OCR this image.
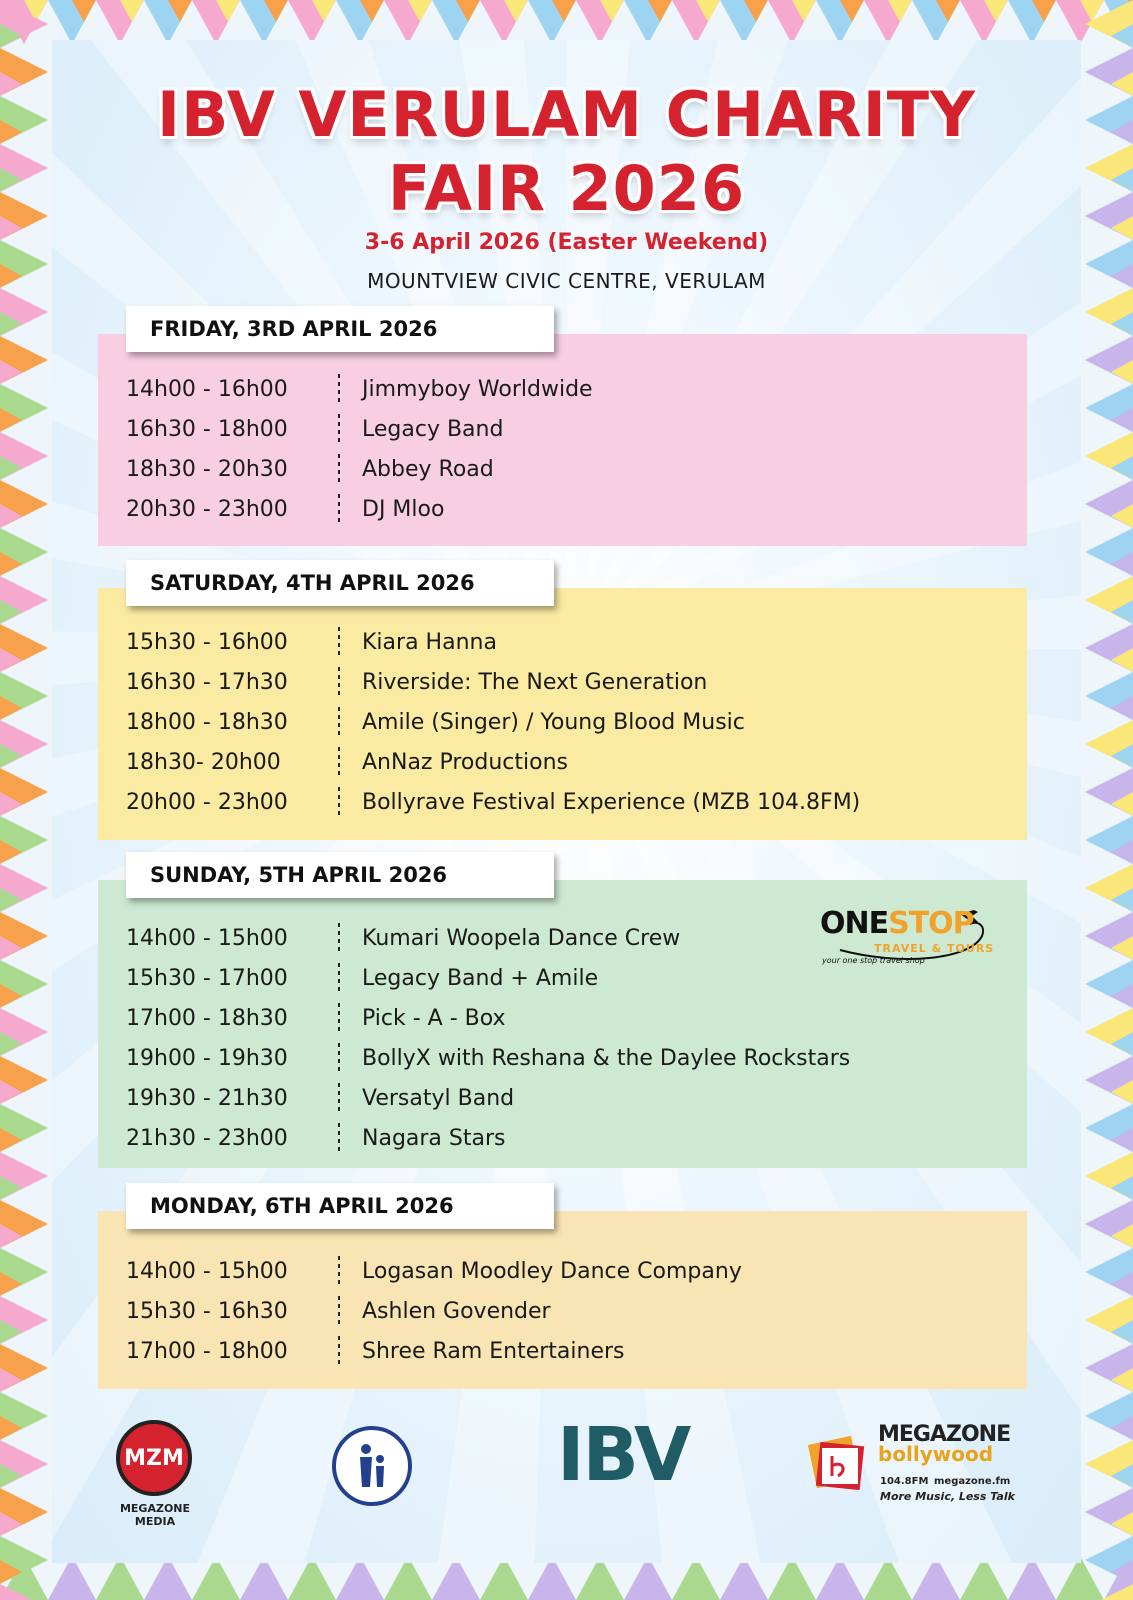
IBV VERULAM CHARITY
FAIR 2026
3-6 April 2026 (Easter Weekend)
MOUNTVIEW CIVIC CENTRE, VERULAM
FRIDAY, 3RD APRIL 2026
14h00 - 16h00	Jimmyboy Worldwide
16h30 - 18h00	Legacy Band
18h30 - 20h30	Abbey Road
20h30 - 23h00	DJ Mloo
SATURDAY, 4TH APRIL 2026
15h30 - 16h00	Kiara Hanna
16h30 - 17h30	Riverside: The Next Generation
18h00 - 18h30	Amile (Singer) / Young Blood Music
18h30- 20h00	AnNaz Productions
20h00 - 23h00	Bollyrave Festival Experience (MZB 104.8FM)
SUNDAY, 5TH APRIL 2026
14h00 - 15h00	Kumari Woopela Dance Crew
15h30 - 17h00	Legacy Band + Amile
17h00 - 18h30	Pick - A - Box
19h00 - 19h30	BollyX with Reshana & the Daylee Rockstars
19h30 - 21h30	Versatyl Band
21h30 - 23h00	Nagara Stars
ONESTOP
TRAVEL & TOURS
your one stop travel shop
MONDAY, 6TH APRIL 2026
14h00 - 15h00	Logasan Moodley Dance Company
15h30 - 16h30	Ashlen Govender
17h00 - 18h00	Shree Ram Entertainers
MZM
MEGAZONE MEDIA
IBV	MEGAZONE
bollywood
104.8FM megazone.fm
More Music, Less Talk
